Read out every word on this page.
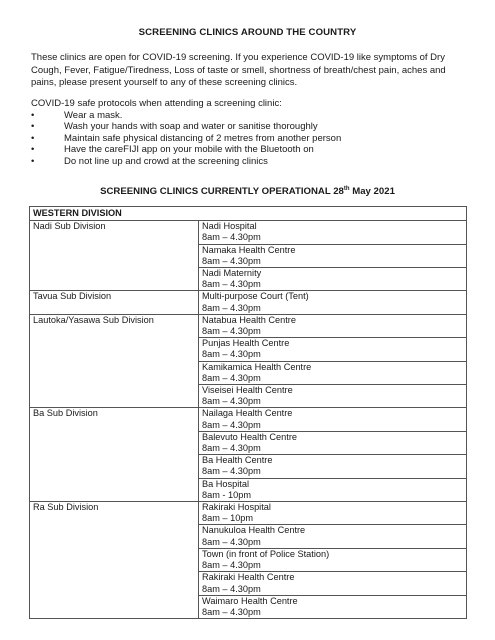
SCREENING CLINICS AROUND THE COUNTRY
These clinics are open for COVID-19 screening. If you experience COVID-19 like symptoms of Dry Cough, Fever, Fatigue/Tiredness, Loss of taste or smell, shortness of breath/chest pain, aches and pains, please present yourself to any of these screening clinics.
COVID-19 safe protocols when attending a screening clinic:
•	Wear a mask.
•	Wash your hands with soap and water or sanitise thoroughly
•	Maintain safe physical distancing of 2 metres from another person
•	Have the careFIJI app on your mobile with the Bluetooth on
•	Do not line up and crowd at the screening clinics
SCREENING CLINICS CURRENTLY OPERATIONAL 28th May 2021
WESTERN DIVISION	
Nadi Sub Division	Nadi Hospital
8am – 4.30pm

	Namaka Health Centre
8am – 4.30pm

	Nadi Maternity
8am – 4.30pm

Tavua Sub Division	Multi-purpose Court (Tent)
8am – 4.30pm

Lautoka/Yasawa Sub Division	Natabua Health Centre
8am – 4.30pm

	Punjas Health Centre
8am – 4.30pm

	Kamikamica Health Centre
8am – 4.30pm

	Viseisei Health Centre
8am – 4.30pm

Ba Sub Division	Nailaga Health Centre
8am – 4.30pm

	Balevuto Health Centre
8am – 4.30pm

	Ba Health Centre
8am – 4.30pm

	Ba Hospital
8am - 10pm

Ra Sub Division	Rakiraki Hospital
8am – 10pm

	Nanukuloa Health Centre
8am – 4.30pm

	Town (in front of Police Station)
8am – 4.30pm

	Rakiraki Health Centre
8am – 4.30pm

	Waimaro Health Centre
8am – 4.30pm
